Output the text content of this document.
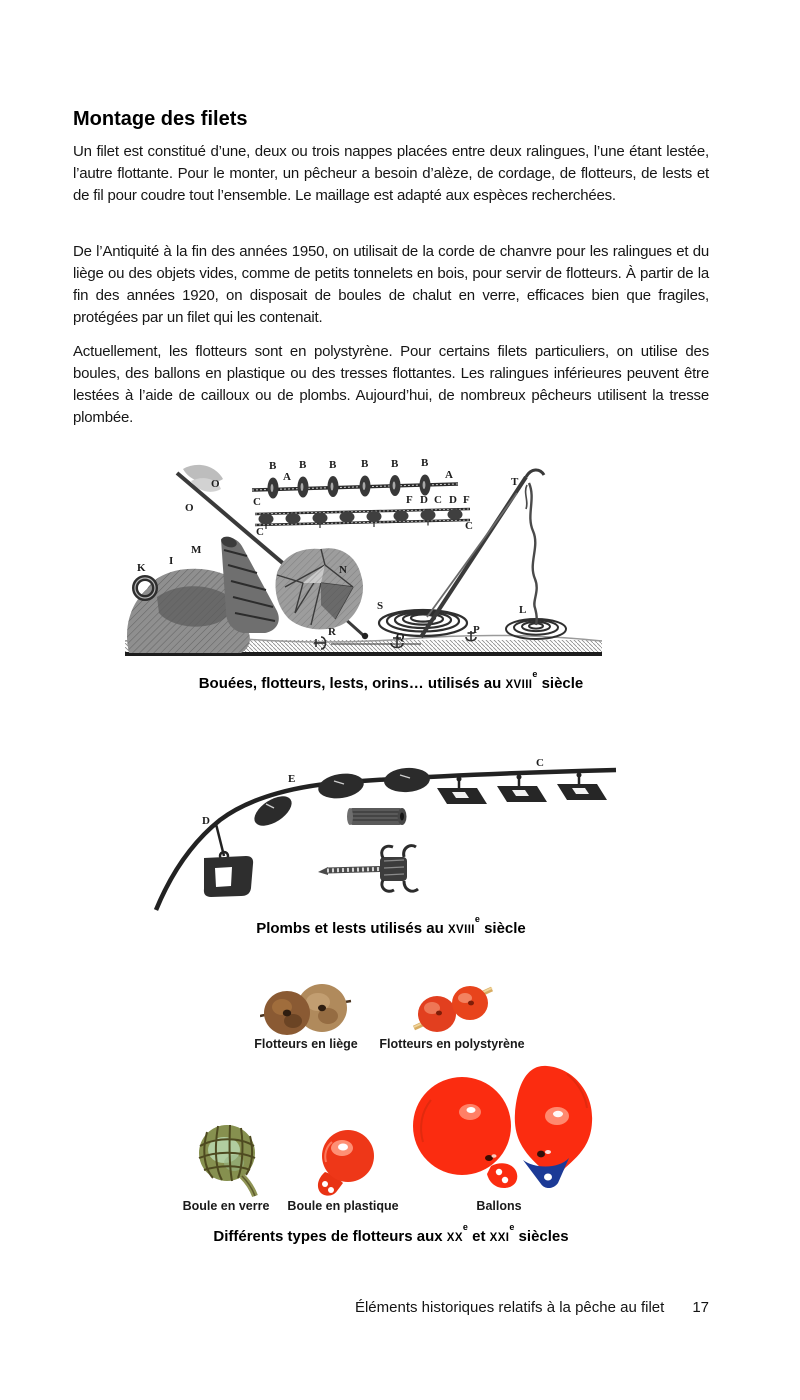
Montage des filets

Un filet est constitué d’une, deux ou trois nappes placées entre deux ralingues, l’une étant lestée, l’autre flottante. Pour le monter, un pêcheur a besoin d’alèze, de cordage, de flotteurs, de lests et de fil pour coudre tout l’ensemble. Le maillage est adapté aux espèces recherchées.

De l’Antiquité à la fin des années 1950, on utilisait de la corde de chanvre pour les ralingues et du liège ou des objets vides, comme de petits tonnelets en bois, pour servir de flotteurs. À partir de la fin des années 1920, on disposait de boules de chalut en verre, efficaces bien que fragiles, protégées par un filet qui les contenait.

Actuellement, les flotteurs sont en polystyrène. Pour certains filets particuliers, on utilise des boules, des ballons en plastique ou des tresses flottantes. Les ralingues inférieures peuvent être lestées à l’aide de cailloux ou de plombs. Aujourd’hui, de nombreux pêcheurs utilisent la tresse plombée.

B B B B B B
A	A
C
C
F D C D F
C
O
O
M
K
I
N
S	L
T
R	Q
P
Bouées, flotteurs, lests, orins… utilisés au XVIIIe siècle
D
E
C
Plombs et lests utilisés au XVIIIe siècle
Flotteurs en liège Flotteurs en polystyrène
Boule en verre Boule en plastique	Ballons
Différents types de flotteurs aux XXe et XXIe siècles
Éléments historiques relatifs à la pêche au filet 17
